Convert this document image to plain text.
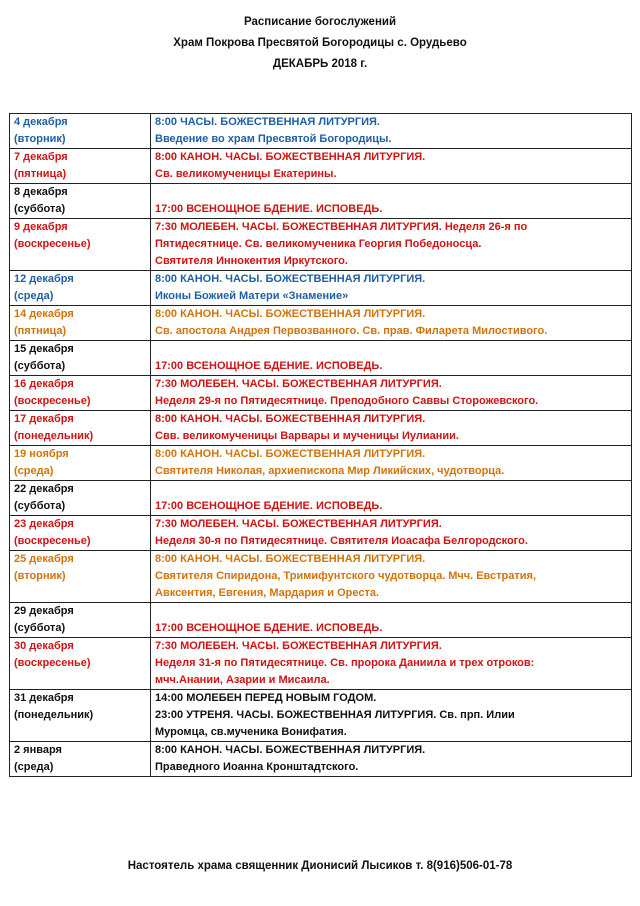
Расписание богослужений
Храм Покрова Пресвятой Богородицы с. Орудьево
ДЕКАБРЬ 2018 г.
4 декабря
(вторник)	8:00 ЧАСЫ. БОЖЕСТВЕННАЯ ЛИТУРГИЯ.
Введение во храм Пресвятой Богородицы.

7 декабря
(пятница)	8:00 КАНОН. ЧАСЫ. БОЖЕСТВЕННАЯ ЛИТУРГИЯ.
Св. великомученицы Екатерины.

8 декабря
(суббота)	17:00 ВСЕНОЩНОЕ БДЕНИЕ. ИСПОВЕДЬ.

9 декабря
(воскресенье)	7:30 МОЛЕБЕН. ЧАСЫ. БОЖЕСТВЕННАЯ ЛИТУРГИЯ. Неделя 26-я по
Пятидесятнице. Св. великомученика Георгия Победоносца.
Святителя Иннокентия Иркутского.

12 декабря
(среда)	8:00 КАНОН. ЧАСЫ. БОЖЕСТВЕННАЯ ЛИТУРГИЯ.
Иконы Божией Матери «Знамение»

14 декабря
(пятница)	8:00 КАНОН. ЧАСЫ. БОЖЕСТВЕННАЯ ЛИТУРГИЯ.
Св. апостола Андрея Первозванного. Св. прав. Филарета Милостивого.

15 декабря
(суббота)	17:00 ВСЕНОЩНОЕ БДЕНИЕ. ИСПОВЕДЬ.

16 декабря
(воскресенье)	7:30 МОЛЕБЕН. ЧАСЫ. БОЖЕСТВЕННАЯ ЛИТУРГИЯ.
Неделя 29-я по Пятидесятнице. Преподобного Саввы Сторожевского.

17 декабря
(понедельник)	8:00 КАНОН. ЧАСЫ. БОЖЕСТВЕННАЯ ЛИТУРГИЯ.
Свв. великомученицы Варвары и мученицы Иулиании.

19 ноября
(среда)	8:00 КАНОН. ЧАСЫ. БОЖЕСТВЕННАЯ ЛИТУРГИЯ.
Святителя Николая, архиепископа Мир Ликийских, чудотворца.

22 декабря
(суббота)	17:00 ВСЕНОЩНОЕ БДЕНИЕ. ИСПОВЕДЬ.

23 декабря
(воскресенье)	7:30 МОЛЕБЕН. ЧАСЫ. БОЖЕСТВЕННАЯ ЛИТУРГИЯ.
Неделя 30-я по Пятидесятнице. Святителя Иоасафа Белгородского.

25 декабря
(вторник)	8:00 КАНОН. ЧАСЫ. БОЖЕСТВЕННАЯ ЛИТУРГИЯ.
Святителя Спиридона, Тримифунтского чудотворца. Мчч. Евстратия,
Авксентия, Евгения, Мардария и Ореста.

29 декабря
(суббота)	17:00 ВСЕНОЩНОЕ БДЕНИЕ. ИСПОВЕДЬ.

30 декабря
(воскресенье)	7:30 МОЛЕБЕН. ЧАСЫ. БОЖЕСТВЕННАЯ ЛИТУРГИЯ.
Неделя 31-я по Пятидесятнице. Св. пророка Даниила и трех отроков:
мчч.Анании, Азарии и Мисаила.

31 декабря
(понедельник)	14:00 МОЛЕБЕН ПЕРЕД НОВЫМ ГОДОМ.
23:00 УТРЕНЯ. ЧАСЫ. БОЖЕСТВЕННАЯ ЛИТУРГИЯ. Св. прп. Илии
Муромца, св.мученика Вонифатия.

2 января
(среда)	8:00 КАНОН. ЧАСЫ. БОЖЕСТВЕННАЯ ЛИТУРГИЯ.
Праведного Иоанна Кронштадтского.
Настоятель храма священник Дионисий Лысиков т. 8(916)506-01-78
